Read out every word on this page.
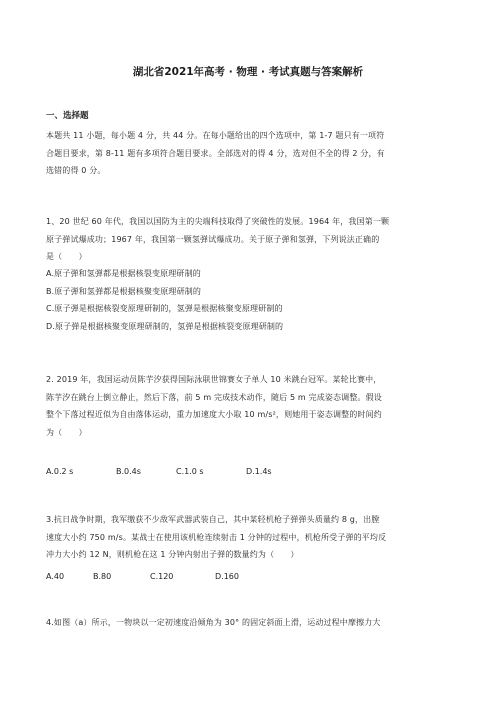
湖北省2021年高考 · 物理 · 考试真题与答案解析
一、选择题
本题共 11 小题，每小题 4 分，共 44 分。在每小题给出的四个选项中，第 1-7 题只有一项符
合题目要求，第 8-11 题有多项符合题目要求。全部选对的得 4 分，选对但不全的得 2 分，有
选错的得 0 分。
1、20 世纪 60 年代，我国以国防为主的尖端科技取得了突破性的发展。1964 年，我国第一颗
原子弹试爆成功；1967 年，我国第一颗氢弹试爆成功。关于原子弹和氢弹，下列说法正确的
是（　　）
A.原子弹和氢弹都是根据核裂变原理研制的
B.原子弹和氢弹都是根据核聚变原理研制的
C.原子弹是根据核裂变原理研制的，氢弹是根据核聚变原理研制的
D.原子弹是根据核聚变原理研制的，氢弹是根据核裂变原理研制的
2. 2019 年，我国运动员陈芋汐获得国际泳联世锦赛女子单人 10 米跳台冠军。某轮比赛中，
陈芋汐在跳台上倒立静止，然后下落，前 5 m 完成技术动作，随后 5 m 完成姿态调整。假设
整个下落过程近似为自由落体运动，重力加速度大小取 10 m/s²，则她用于姿态调整的时间约
为（　　）
A.0.2 s	B.0.4s	C.1.0 s	D.1.4s
3.抗日战争时期，我军缴获不少敌军武器武装自己，其中某轻机枪子弹弹头质量约 8 g，出膛
速度大小约 750 m/s。某战士在使用该机枪连续射击 1 分钟的过程中，机枪所受子弹的平均反
冲力大小约 12 N，则机枪在这 1 分钟内射出子弹的数量约为（　　）
A.40	B.80	C.120	D.160
4.如图（a）所示，一物块以一定初速度沿倾角为 30° 的固定斜面上滑，运动过程中摩擦力大
